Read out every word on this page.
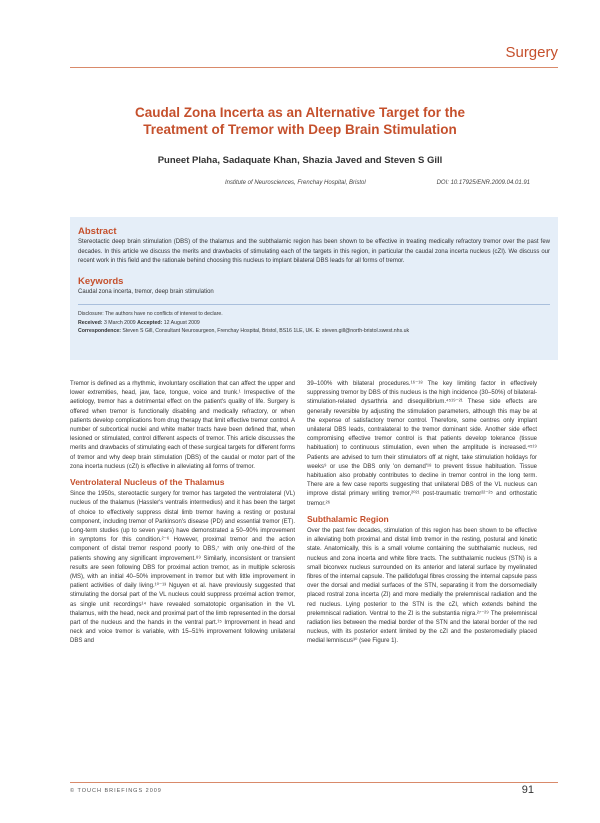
Surgery
Caudal Zona Incerta as an Alternative Target for the
Treatment of Tremor with Deep Brain Stimulation
Puneet Plaha, Sadaquate Khan, Shazia Javed and Steven S Gill
Institute of Neurosciences, Frenchay Hospital, Bristol	DOI: 10.17925/ENR.2009.04.01.91
Abstract
Stereotactic deep brain stimulation (DBS) of the thalamus and the subthalamic region has been shown to be effective in treating medically refractory tremor over the past few decades. In this article we discuss the merits and drawbacks of stimulating each of the targets in this region, in particular the caudal zona incerta nucleus (cZI). We discuss our recent work in this field and the rationale behind choosing this nucleus to implant bilateral DBS leads for all forms of tremor.
Keywords
Caudal zona incerta, tremor, deep brain stimulation
Disclosure: The authors have no conflicts of interest to declare.
Received: 3 March 2009 Accepted: 12 August 2009
Correspondence: Steven S Gill, Consultant Neurosurgeon, Frenchay Hospital, Bristol, BS16 1LE, UK. E: steven.gill@north-bristol.swest.nhs.uk

Tremor is defined as a rhythmic, involuntary oscillation that can affect the upper and lower extremities, head, jaw, face, tongue, voice and trunk.¹ Irrespective of the aetiology, tremor has a detrimental effect on the patient's quality of life. Surgery is offered when tremor is functionally disabling and medically refractory, or when patients develop complications from drug therapy that limit effective tremor control. A number of subcortical nuclei and white matter tracts have been defined that, when lesioned or stimulated, control different aspects of tremor. This article discusses the merits and drawbacks of stimulating each of these surgical targets for different forms of tremor and why deep brain stimulation (DBS) of the caudal or motor part of the zona incerta nucleus (cZI) is effective in alleviating all forms of tremor.

Ventrolateral Nucleus of the Thalamus

Since the 1950s, stereotactic surgery for tremor has targeted the ventrolateral (VL) nucleus of the thalamus (Hassler's ventralis intermedius) and it has been the target of choice to effectively suppress distal limb tremor having a resting or postural component, including tremor of Parkinson's disease (PD) and essential tremor (ET). Long-term studies (up to seven years) have demonstrated a 50–90% improvement in symptoms for this condition.²⁻⁶ However, proximal tremor and the action component of distal tremor respond poorly to DBS,⁷ with only one-third of the patients showing any significant improvement.⁸⁹ Similarly, inconsistent or transient results are seen following DBS for proximal action tremor, as in multiple sclerosis (MS), with an initial 40–50% improvement in tremor but with little improvement in patient activities of daily living.¹⁰⁻¹³ Nguyen et al. have previously suggested that stimulating the dorsal part of the VL nucleus could suppress proximal action tremor, as single unit recordings¹⁴ have revealed somatotopic organisation in the VL thalamus, with the head, neck and proximal part of the limb represented in the dorsal part of the nucleus and the hands in the ventral part.¹⁵ Improvement in head and neck and voice tremor is variable, with 15–51% improvement following unilateral DBS and

39–100% with bilateral procedures.¹⁶⁻¹⁸ The key limiting factor in effectively suppressing tremor by DBS of this nucleus is the high incidence (30–50%) of bilateral-stimulation-related dysarthria and disequilibrium.⁴⁵¹⁹⁻²¹ These side effects are generally reversible by adjusting the stimulation parameters, although this may be at the expense of satisfactory tremor control. Therefore, some centres only implant unilateral DBS leads, contralateral to the tremor dominant side. Another side effect compromising effective tremor control is that patients develop tolerance (tissue habituation) to continuous stimulation, even when the amplitude is increased.⁴⁵¹⁹ Patients are advised to turn their stimulators off at night, take stimulation holidays for weeks⁹ or use the DBS only 'on demand'¹⁸ to prevent tissue habituation. Tissue habituation also probably contributes to decline in tremor control in the long term. There are a few case reports suggesting that unilateral DBS of the VL nucleus can improve distal primary writing tremor,²⁰²¹ post-traumatic tremor²²⁻²⁵ and orthostatic tremor.²⁶

Subthalamic Region

Over the past few decades, stimulation of this region has been shown to be effective in alleviating both proximal and distal limb tremor in the resting, postural and kinetic state. Anatomically, this is a small volume containing the subthalamic nucleus, red nucleus and zona incerta and white fibre tracts. The subthalamic nucleus (STN) is a small biconvex nucleus surrounded on its anterior and lateral surface by myelinated fibres of the internal capsule. The pallidofugal fibres crossing the internal capsule pass over the dorsal and medial surfaces of the STN, separating it from the dorsomedially placed rostral zona incerta (ZI) and more medially the prelemniscal radiation and the red nucleus. Lying posterior to the STN is the cZI, which extends behind the prelemniscal radiation. Ventral to the ZI is the substantia nigra.²⁷⁻²⁹ The prelemniscal radiation lies between the medial border of the STN and the lateral border of the red nucleus, with its posterior extent limited by the cZI and the posteromedially placed medial lemniscus³⁰ (see Figure 1).

© TOUCH BRIEFINGS 2009	91
